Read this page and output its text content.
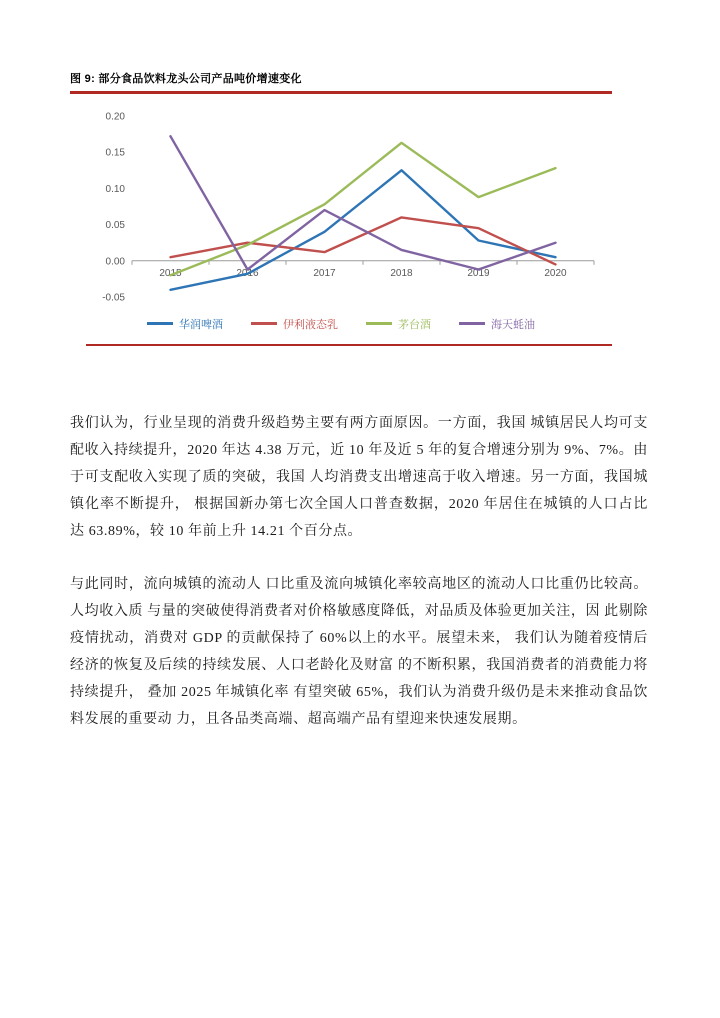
图 9: 部分食品饮料龙头公司产品吨价增速变化
0.20
0.15
0.10
0.05
0.00
-0.05
2015	2016	2017	2018	2019	2020
华润啤酒	伊利液态乳	茅台酒	海天蚝油

我们认为，行业呈现的消费升级趋势主要有两方面原因。一方面，我国 城镇居民人均可支配收入持续提升，2020 年达 4.38 万元，近 10 年及近 5 年的复合增速分别为 9%、7%。由于可支配收入实现了质的突破，我国 人均消费支出增速高于收入增速。另一方面，我国城镇化率不断提升， 根据国新办第七次全国人口普查数据，2020 年居住在城镇的人口占比达 63.89%，较 10 年前上升 14.21 个百分点。

与此同时，流向城镇的流动人 口比重及流向城镇化率较高地区的流动人口比重仍比较高。人均收入质 与量的突破使得消费者对价格敏感度降低，对品质及体验更加关注，因 此剔除疫情扰动，消费对 GDP 的贡献保持了 60%以上的水平。展望未来， 我们认为随着疫情后经济的恢复及后续的持续发展、人口老龄化及财富 的不断积累，我国消费者的消费能力将持续提升， 叠加 2025 年城镇化率 有望突破 65%，我们认为消费升级仍是未来推动食品饮料发展的重要动 力，且各品类高端、超高端产品有望迎来快速发展期。
